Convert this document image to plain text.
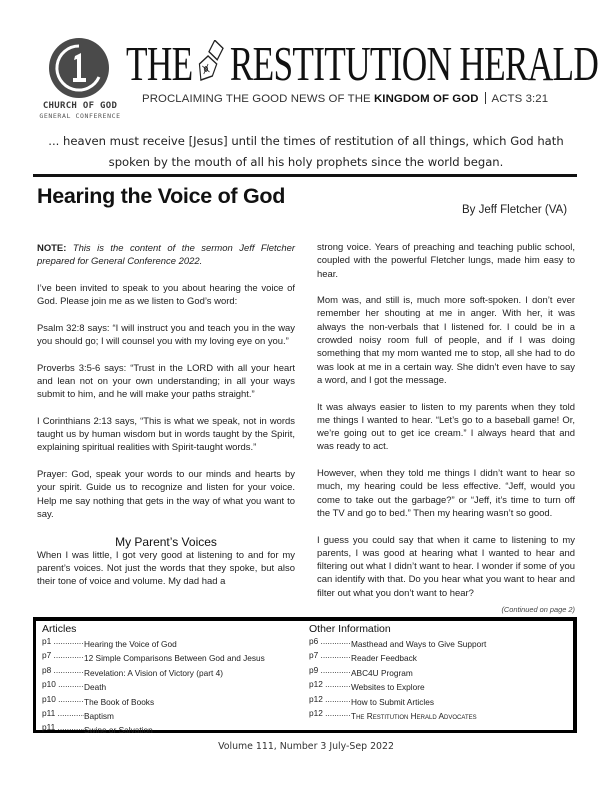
CHURCH OF GOD
GENERAL CONFERENCE
THE RESTITUTION HERALD
PROCLAIMING THE GOOD NEWS OF THE KINGDOM OF GOD ACTS 3:21
... heaven must receive [Jesus] until the times of restitution of all things, which God hath
spoken by the mouth of all his holy prophets since the world began.
Hearing the Voice of God
By Jeff Fletcher (VA)

NOTE: This is the content of the sermon Jeff Fletcher prepared for General Conference 2022.

I’ve been invited to speak to you about hearing the voice of God. Please join me as we listen to God’s word:

Psalm 32:8 says: “I will instruct you and teach you in the way you should go; I will counsel you with my loving eye on you.”

Proverbs 3:5-6 says: “Trust in the LORD with all your heart and lean not on your own understanding; in all your ways submit to him, and he will make your paths straight.”

I Corinthians 2:13 says, “This is what we speak, not in words taught us by human wisdom but in words taught by the Spirit, explaining spiritual realities with Spirit-taught words.”

Prayer: God, speak your words to our minds and hearts by your spirit. Guide us to recognize and listen for your voice. Help me say nothing that gets in the way of what you want to say.

My Parent’s Voices

When I was little, I got very good at listening to and for my parent’s voices. Not just the words that they spoke, but also their tone of voice and volume. My dad had a

strong voice. Years of preaching and teaching public school, coupled with the powerful Fletcher lungs, made him easy to hear.

Mom was, and still is, much more soft-spoken. I don’t ever remember her shouting at me in anger. With her, it was always the non-verbals that I listened for. I could be in a crowded noisy room full of people, and if I was doing something that my mom wanted me to stop, all she had to do was look at me in a certain way. She didn’t even have to say a word, and I got the message.

It was always easier to listen to my parents when they told me things I wanted to hear. “Let’s go to a baseball game! Or, we’re going out to get ice cream.” I always heard that and was ready to act.

However, when they told me things I didn’t want to hear so much, my hearing could be less effective. “Jeff, would you come to take out the garbage?” or “Jeff, it’s time to turn off the TV and go to bed.” Then my hearing wasn’t so good.

I guess you could say that when it came to listening to my parents, I was good at hearing what I wanted to hear and filtering out what I didn’t want to hear. I wonder if some of you can identify with that. Do you hear what you want to hear and filter out what you don’t want to hear?

(Continued on page 2)
Articles
p1 .....	Hearing the Voice of God
p7 .....	12 Simple Comparisons Between God and Jesus
p8 .....	Revelation: A Vision of Victory (part 4)
p10 .....	Death
p10 .....	The Book of Books
p11 .....	Baptism
p11 .....	Swine or Salvation
Other Information
p6 .....	Masthead and Ways to Give Support
p7 .....	Reader Feedback
p9 .....	ABC4U Program
p12 .....	Websites to Explore
p12 .....	How to Submit Articles
p12 .....	The Restitution Herald Advocates
Volume 111, Number 3 July-Sep 2022
